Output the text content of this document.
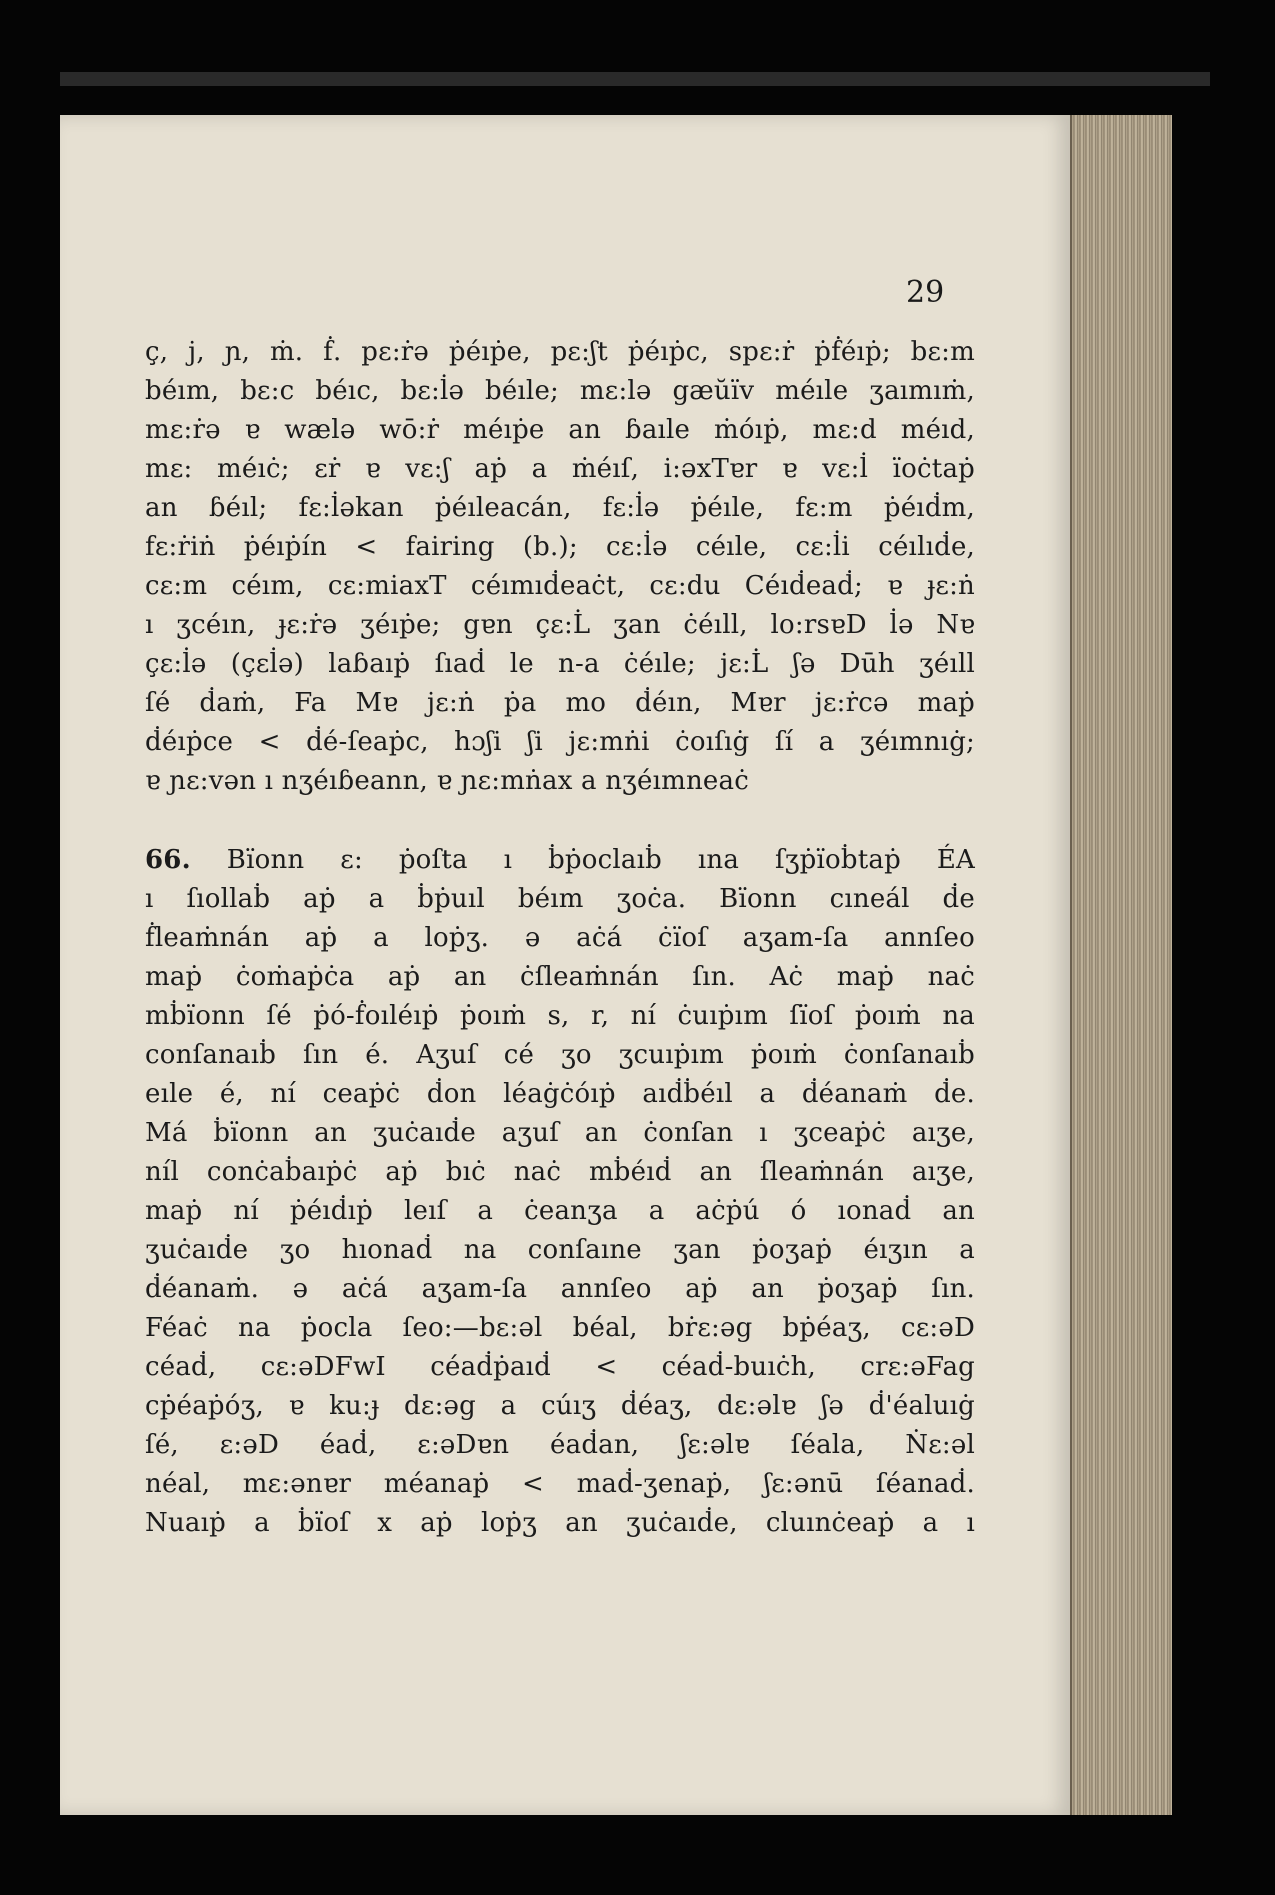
29
ç, j, ɲ, ṁ. ḟ. pɛ:ṙə ṗéıṗe, pɛ:ʃt ṗéıṗc, spɛ:ṙ ṗḟéıṗ; bɛ:m
béım, bɛ:c béıc, bɛ:l̇ə béıle; mɛ:lə gæŭïv méıle ʒaımıṁ,
mɛ:ṙə ɐ wælə wō:ṙ méıṗe an ɓaıle ṁóıṗ, mɛ:d méıd,
mɛ: méıċ; ɛṙ ɐ vɛ:ʃ aṗ a ṁéıſ, i:əxTɐr ɐ vɛ:l̇ ïoċtaṗ
an ɓéıl; fɛ:l̇əkan ṗéıleacán, fɛ:l̇ə ṗéıle, fɛ:m ṗéıḋm,
fɛ:ṙiṅ ṗéıṗín < fairing (b.); cɛ:l̇ə céıle, cɛ:l̇i céılıḋe,
cɛ:m céım, cɛ:miaxT céımıḋeaċt, cɛ:du Céıḋeaḋ; ɐ ɟɛ:ṅ
ı ʒcéın, ɟɛ:ṙə ʒéıṗe; gɐn çɛ:L̇ ʒan ċéıll, lo:rsɐD l̇ə Nɐ
çɛ:l̇ə (çɛl̇ə) laɓaıṗ ſıaḋ le n-a ċéıle; jɛ:L̇ ʃə Dūh ʒéıll
ſé ḋaṁ, Fa Mɐ jɛ:ṅ ṗa mo ḋéın, Mɐr jɛ:ṙcə maṗ
ḋéıṗce < ḋé-ſeaṗc, hɔʃi ʃi jɛ:mṅi ċoıſıġ ſí a ʒéımnıġ;
ɐ ɲɛ:vən ı nʒéıɓeann, ɐ ɲɛ:mṅax a nʒéımneaċ
66. Bïonn ɛ: ṗoſta ı ḃṗoclaıḃ ına ſʒṗïoḃtaṗ ÉA
ı ſıollaḃ aṗ a ḃṗuıl béım ʒoċa. Bïonn cıneál ḋe
ḟleaṁnán aṗ a loṗʒ. ə aċá ċïoſ aʒam-ſa annſeo
maṗ ċoṁaṗċa aṗ an ċſleaṁnán ſın. Aċ maṗ naċ
mḃïonn ſé ṗó-ḟoıléıṗ ṗoıṁ s, r, ní ċuıṗım ſïoſ ṗoıṁ na
conſanaıḃ ſın é. Aʒuſ cé ʒo ʒcuıṗım ṗoıṁ ċonſanaıḃ
eıle é, ní ceaṗċ ḋon léaġċóıṗ aıḋḃéıl a ḋéanaṁ ḋe.
Má ḃïonn an ʒuċaıḋe aʒuſ an ċonſan ı ʒceaṗċ aıʒe,
níl conċaḃaıṗċ aṗ bıċ naċ mḃéıḋ an ſleaṁnán aıʒe,
maṗ ní ṗéıḋıṗ leıſ a ċeanʒa a aċṗú ó ıonaḋ an
ʒuċaıḋe ʒo hıonaḋ na conſaıne ʒan ṗoʒaṗ éıʒın a
ḋéanaṁ. ə aċá aʒam-ſa annſeo aṗ an ṗoʒaṗ ſın.
Féaċ na ṗocla ſeo:—bɛ:əl béal, bṙɛ:əg bṗéaʒ, cɛ:əD
céaḋ, cɛ:əDFwI céaḋṗaıḋ < céaḋ-buıċh, crɛ:əFag
cṗéaṗóʒ, ɐ ku:ɟ dɛ:əg a cúıʒ ḋéaʒ, dɛ:əlɐ ʃə ḋ'éaluıġ
ſé, ɛ:əD éaḋ, ɛ:əDɐn éaḋan, ʃɛ:əlɐ ſéala, Ṅɛ:əl
néal, mɛ:ənɐr méanaṗ < maḋ-ʒenaṗ, ʃɛ:ənū ſéanaḋ.
Nuaıṗ a ḃïoſ x aṗ loṗʒ an ʒuċaıḋe, cluınċeaṗ a ı
